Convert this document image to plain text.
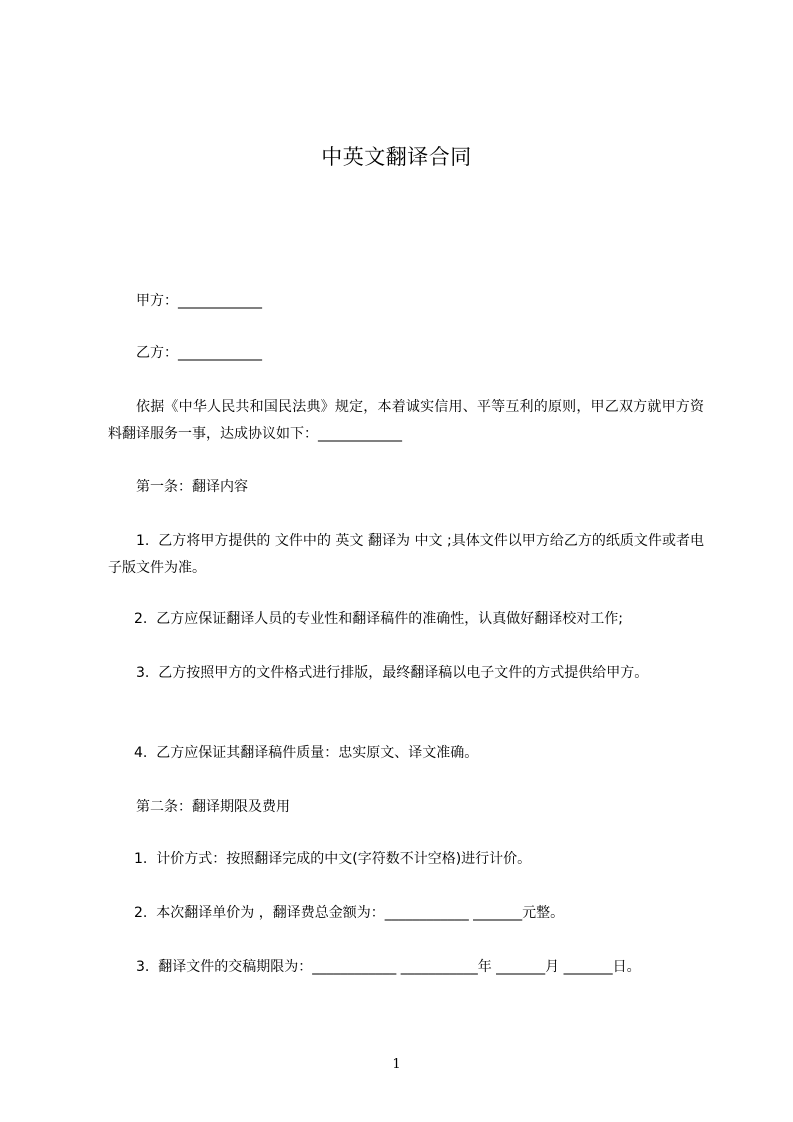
中英文翻译合同

甲方：____________

乙方：____________

依据《中华人民共和国民法典》规定，本着诚实信用、平等互利的原则，甲乙双方就甲方资料翻译服务一事，达成协议如下：____________

第一条：翻译内容

1.  乙方将甲方提供的 文件中的 英文 翻译为 中文 ;具体文件以甲方给乙方的纸质文件或者电子版文件为准。

2.  乙方应保证翻译人员的专业性和翻译稿件的准确性，认真做好翻译校对工作;

3.  乙方按照甲方的文件格式进行排版，最终翻译稿以电子文件的方式提供给甲方。

4.  乙方应保证其翻译稿件质量：忠实原文、译文准确。

第二条：翻译期限及费用

1.  计价方式：按照翻译完成的中文(字符数不计空格)进行计价。

2.  本次翻译单价为 ，翻译费总金额为：____________ _______元整。

3.  翻译文件的交稿期限为：____________ ___________年 _______月 _______日。

1
